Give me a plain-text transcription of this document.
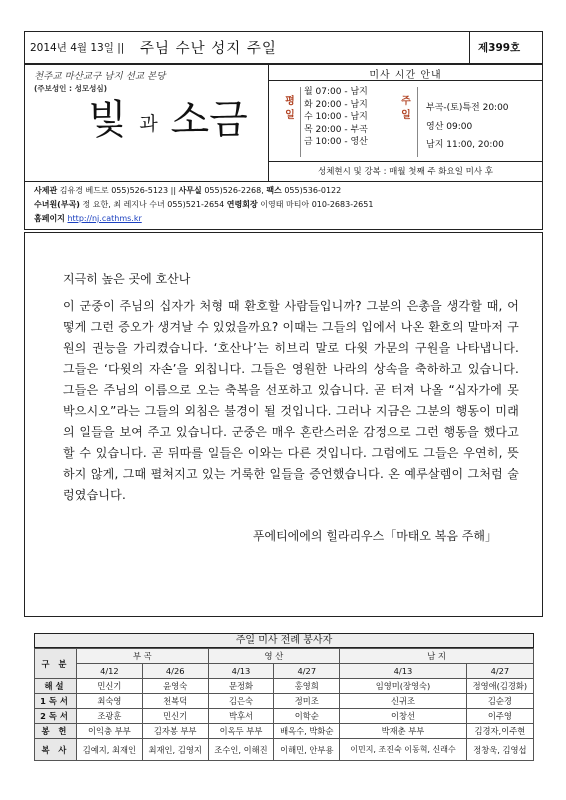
2014년 4월 13일 || 주님 수난 성지 주일	제399호
천주교 마산교구 남지 선교 본당
(주보성인 : 성모성심)
빛 과 소금
미사 시간 안내
평일
월 07:00 - 남지
화 20:00 - 남지
수 10:00 - 남지
목 20:00 - 부곡
금 10:00 - 영산
주일
부곡-(토)특전 20:00
영산 09:00
남지 11:00, 20:00
성체현시 및 강복 : 매월 첫째 주 화요일 미사 후
사제관 김유경 베드로 055)526-5123 || 사무실 055)526-2268, 팩스 055)536-0122
수녀원(부곡) 정 요한, 최 레지나 수녀 055)521-2654 연령회장 이영태 마티아 010-2683-2651
홈페이지 http://nj.cathms.kr
지극히 높은 곳에 호산나
이 군중이 주님의 십자가 처형 때 환호할 사람들입니까? 그분의 은총을 생각할 때, 어떻게 그런 증오가 생겨날 수 있었을까요? 이때는 그들의 입에서 나온 환호의 말마저 구원의 권능을 가리켰습니다. ‘호산나’는 히브리 말로 다윗 가문의 구원을 나타냅니다. 그들은 ‘다윗의 자손’을 외칩니다. 그들은 영원한 나라의 상속을 축하하고 있습니다. 그들은 주님의 이름으로 오는 축복을 선포하고 있습니다. 곧 터져 나올 “십자가에 못 박으시오”라는 그들의 외침은 불경이 될 것입니다. 그러나 지금은 그분의 행동이 미래의 일들을 보여 주고 있습니다. 군중은 매우 혼란스러운 감정으로 그런 행동을 했다고 할 수 있습니다. 곧 뒤따를 일들은 이와는 다른 것입니다. 그럼에도 그들은 우연히, 뜻하지 않게, 그때 펼쳐지고 있는 거룩한 일들을 증언했습니다. 온 예루살렘이 그처럼 술렁였습니다.
푸에티에에의 힐라리우스「마태오 복음 주해」
주일 미사 전례 봉사자
구 분	부 곡		영 산		남 지	
	4/12	4/26	4/13	4/27	4/13	4/27
해설	민신기	윤영숙	문정화	홍영희	임영미(장영숙)	정영애(김경화)
1독서	최숙영	천복덕	김은숙	정미조	신귀조	김순경
2독서	조광훈	민신기	박후서	이학순	이창선	이주영
봉 헌	이익충 부부	김자봉 부부	이옥두 부부	배옥수, 박화순	박재춘 부부	김경자,이주현
복 사	김예지, 최재인	최재인, 김영지	조수인, 이해진	이해민, 안부용	이민지, 조진숙 이동혁, 신래수	정창욱, 김영섭
